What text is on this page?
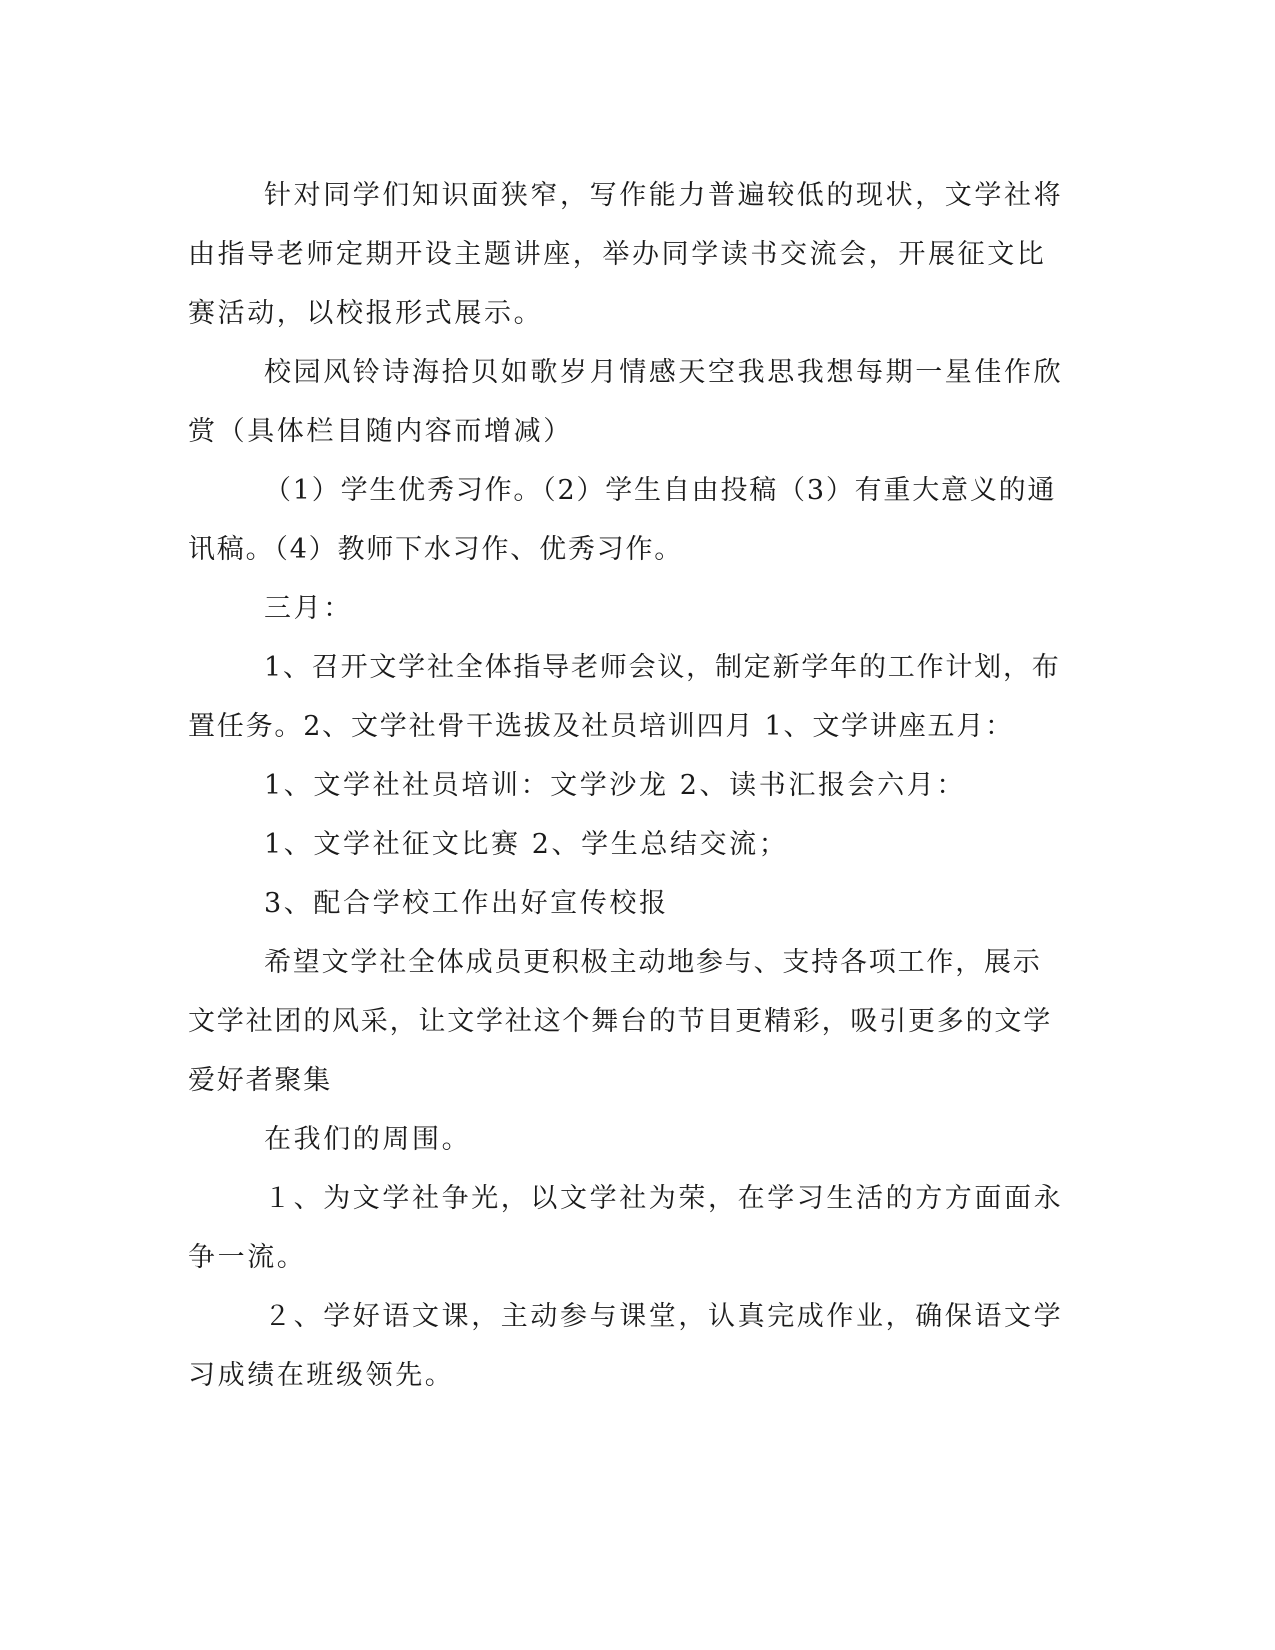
针对同学们知识面狭窄，写作能力普遍较低的现状，文学社将由指导老师定期开设主题讲座，举办同学读书交流会，开展征文比赛活动，以校报形式展示。

校园风铃诗海拾贝如歌岁月情感天空我思我想每期一星佳作欣赏（具体栏目随内容而增减）

（1）学生优秀习作。（2）学生自由投稿（3）有重大意义的通讯稿。（4）教师下水习作、优秀习作。

三月：

1、召开文学社全体指导老师会议，制定新学年的工作计划，布置任务。2、文学社骨干选拔及社员培训四月 1、文学讲座五月：

1、文学社社员培训：文学沙龙 2、读书汇报会六月：

1、文学社征文比赛 2、学生总结交流；

3、配合学校工作出好宣传校报

希望文学社全体成员更积极主动地参与、支持各项工作，展示文学社团的风采，让文学社这个舞台的节目更精彩，吸引更多的文学爱好者聚集

在我们的周围。

１、为文学社争光，以文学社为荣，在学习生活的方方面面永争一流。

２、学好语文课，主动参与课堂，认真完成作业，确保语文学习成绩在班级领先。
